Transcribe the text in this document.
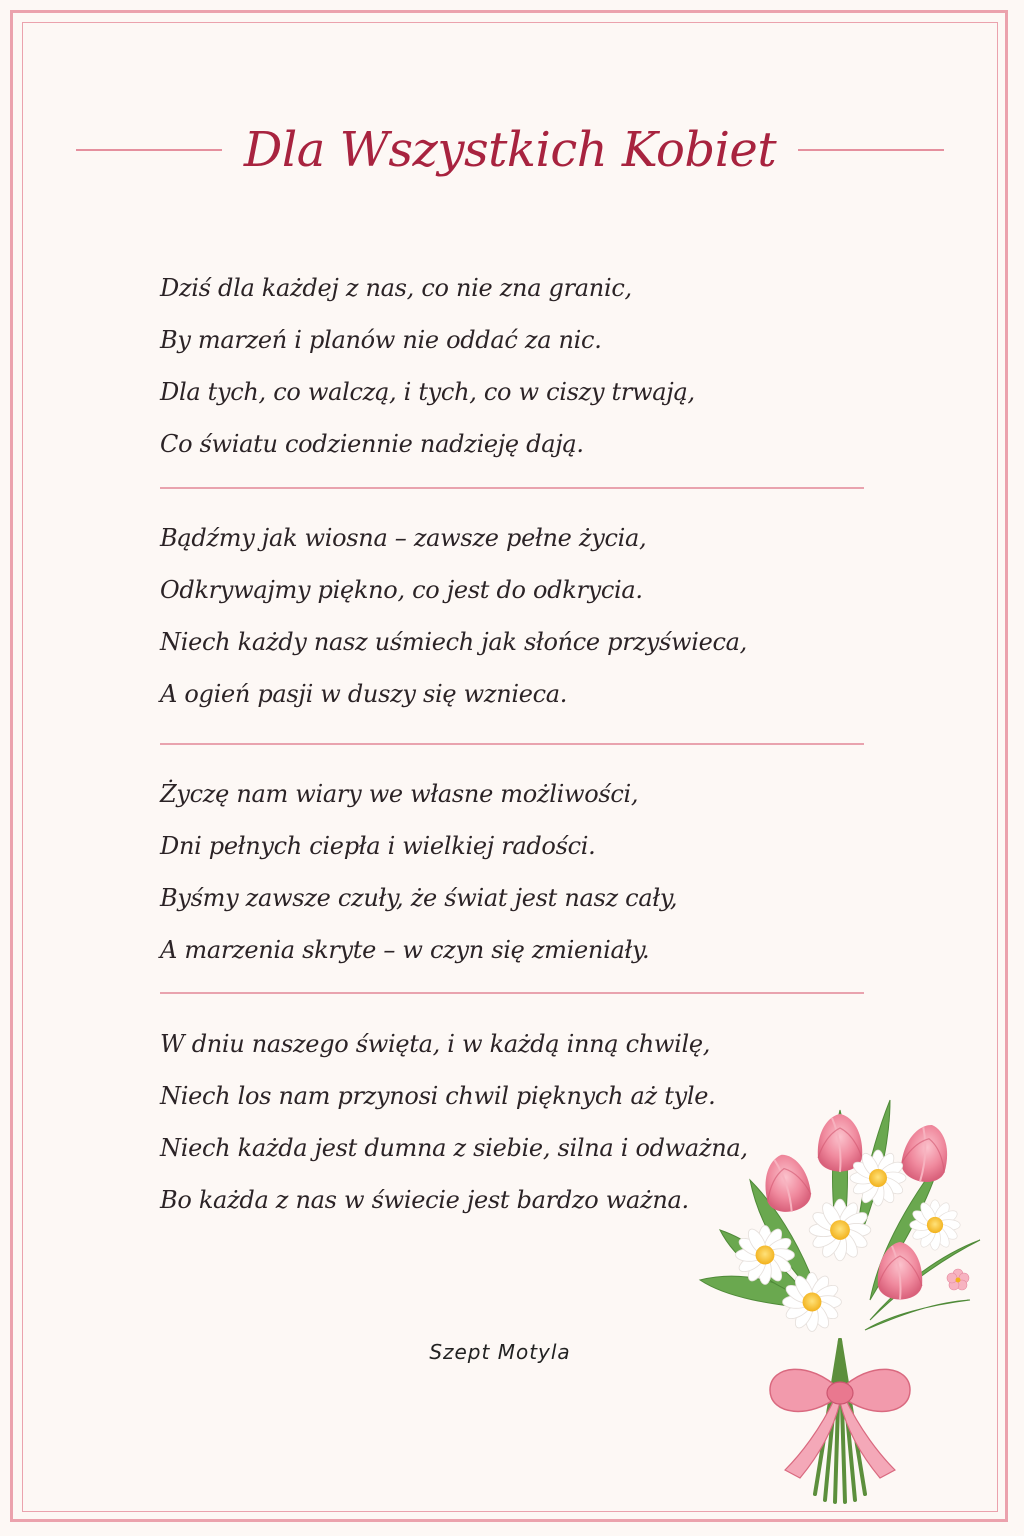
Dla Wszystkich Kobiet
Dziś dla każdej z nas, co nie zna granic,
By marzeń i planów nie oddać za nic.
Dla tych, co walczą, i tych, co w ciszy trwają,
Co światu codziennie nadzieję dają.
Bądźmy jak wiosna – zawsze pełne życia,
Odkrywajmy piękno, co jest do odkrycia.
Niech każdy nasz uśmiech jak słońce przyświeca,
A ogień pasji w duszy się wznieca.
Życzę nam wiary we własne możliwości,
Dni pełnych ciepła i wielkiej radości.
Byśmy zawsze czuły, że świat jest nasz cały,
A marzenia skryte – w czyn się zmieniały.
W dniu naszego święta, i w każdą inną chwilę,
Niech los nam przynosi chwil pięknych aż tyle.
Niech każda jest dumna z siebie, silna i odważna,
Bo każda z nas w świecie jest bardzo ważna.
Szept Motyla
